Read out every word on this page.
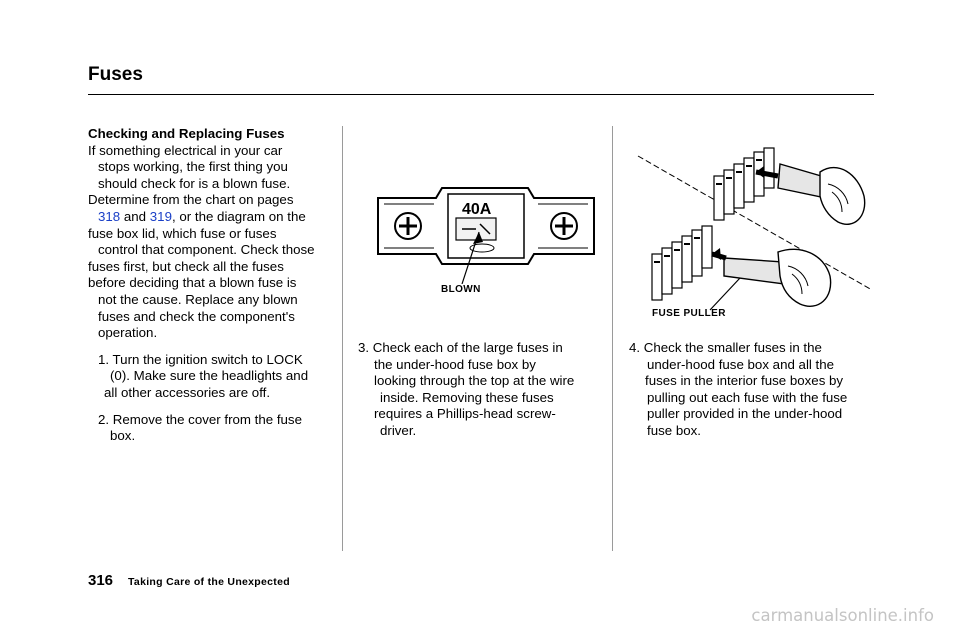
Fuses
Checking and Replacing Fuses
If something electrical in your car
stops working, the first thing you
should check for is a blown fuse.
Determine from the chart on pages
318 and 319, or the diagram on the
fuse box lid, which fuse or fuses
control that component. Check those
fuses first, but check all the fuses
before deciding that a blown fuse is
not the cause. Replace any blown
fuses and check the component's
operation.
1. Turn the ignition switch to LOCK
(0). Make sure the headlights and
all other accessories are off.
2. Remove the cover from the fuse
box.
40A
BLOWN
3. Check each of the large fuses in
the under-hood fuse box by
looking through the top at the wire
inside. Removing these fuses
requires a Phillips-head screw-
driver.
FUSE PULLER
4. Check the smaller fuses in the
under-hood fuse box and all the
fuses in the interior fuse boxes by
pulling out each fuse with the fuse
puller provided in the under-hood
fuse box.
316 Taking Care of the Unexpected
carmanualsonline.info
